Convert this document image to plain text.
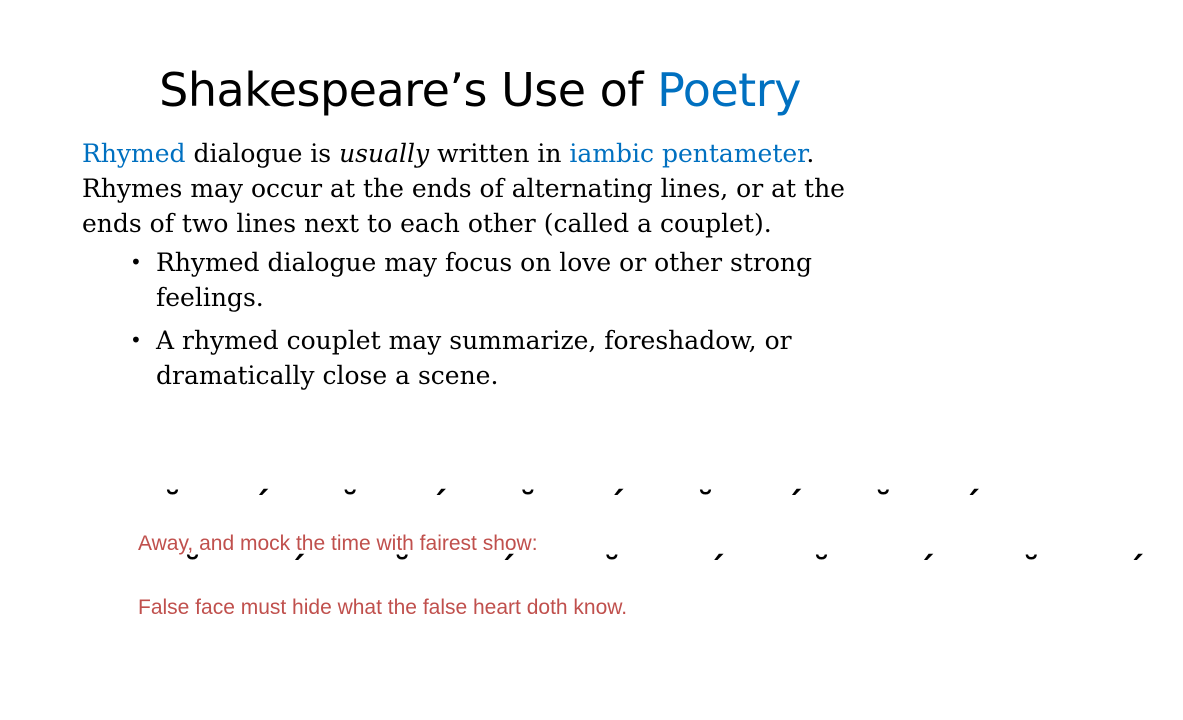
Shakespeare’s Use of Poetry

Rhymed dialogue is usually written in iambic pentameter. Rhymes may occur at the ends of alternating lines, or at the ends of two lines next to each other (called a couplet).

• Rhymed dialogue may focus on love or other strong feelings.
• A rhymed couplet may summarize, foreshadow, or dramatically close a scene.
˘ ´ ˘ ´ ˘ ´ ˘ ´ ˘ ´
Away, and mock the time with fairest show:
˘ ´ ˘ ´ ˘ ´ ˘ ´ ˘ ´
False face must hide what the false heart doth know.
